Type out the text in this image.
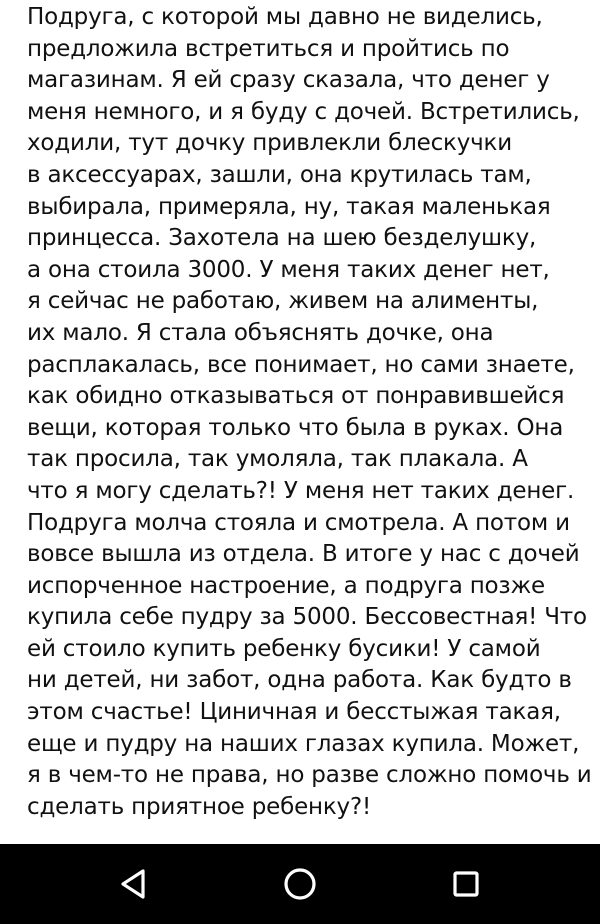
Подруга, с которой мы давно не виделись,
предложила встретиться и пройтись по
магазинам. Я ей сразу сказала, что денег у
меня немного, и я буду с дочей. Встретились,
ходили, тут дочку привлекли блескучки
в аксессуарах, зашли, она крутилась там,
выбирала, примеряла, ну, такая маленькая
принцесса. Захотела на шею безделушку,
а она стоила 3000. У меня таких денег нет,
я сейчас не работаю, живем на алименты,
их мало. Я стала объяснять дочке, она
расплакалась, все понимает, но сами знаете,
как обидно отказываться от понравившейся
вещи, которая только что была в руках. Она
так просила, так умоляла, так плакала. А
что я могу сделать?! У меня нет таких денег.
Подруга молча стояла и смотрела. А потом и
вовсе вышла из отдела. В итоге у нас с дочей
испорченное настроение, а подруга позже
купила себе пудру за 5000. Бессовестная! Что
ей стоило купить ребенку бусики! У самой
ни детей, ни забот, одна работа. Как будто в
этом счастье! Циничная и бесстыжая такая,
еще и пудру на наших глазах купила. Может,
я в чем-то не права, но разве сложно помочь и
сделать приятное ребенку?!
